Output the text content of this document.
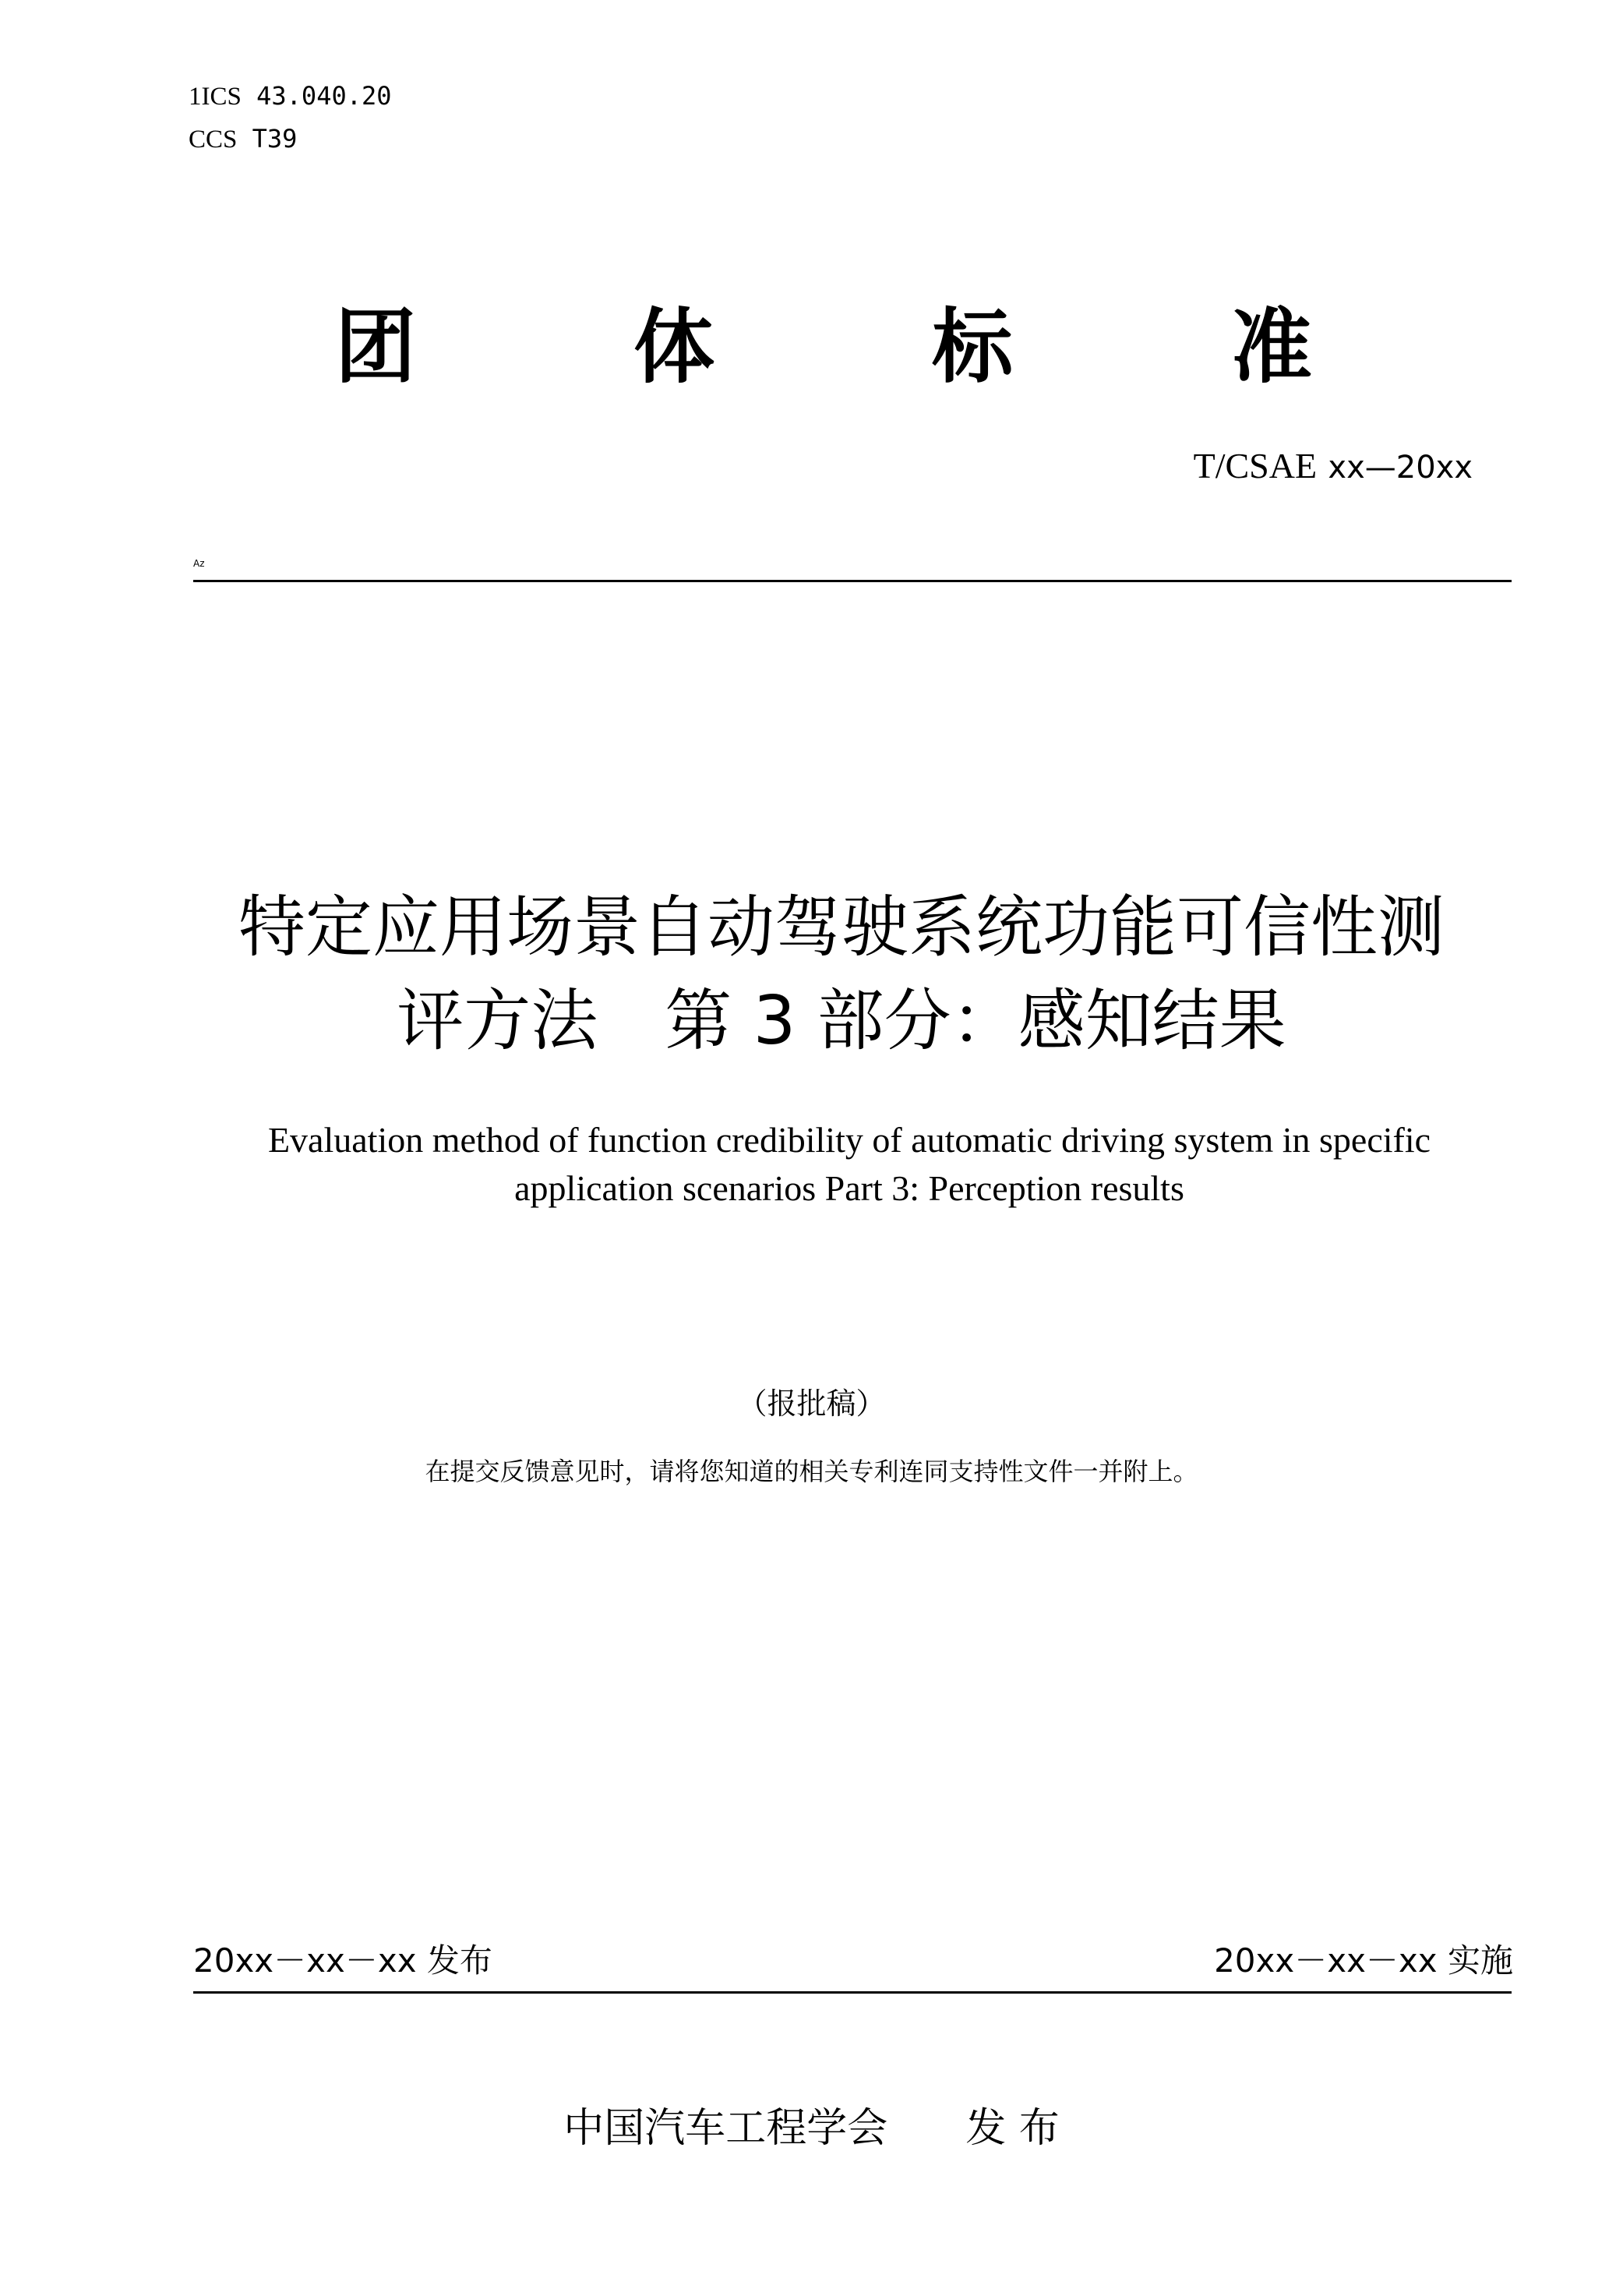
1ICS 43.040.20
CCS T39
团	体	标	准
T/CSAE xx—20xx
Az
特定应用场景自动驾驶系统功能可信性测
评方法　第 3 部分：感知结果
Evaluation method of function credibility of automatic driving system in specific
application scenarios Part 3: Perception results
（报批稿）
在提交反馈意见时，请将您知道的相关专利连同支持性文件一并附上。
20xx－xx－xx 发布	20xx－xx－xx 实施
中国汽车工程学会 发 布
